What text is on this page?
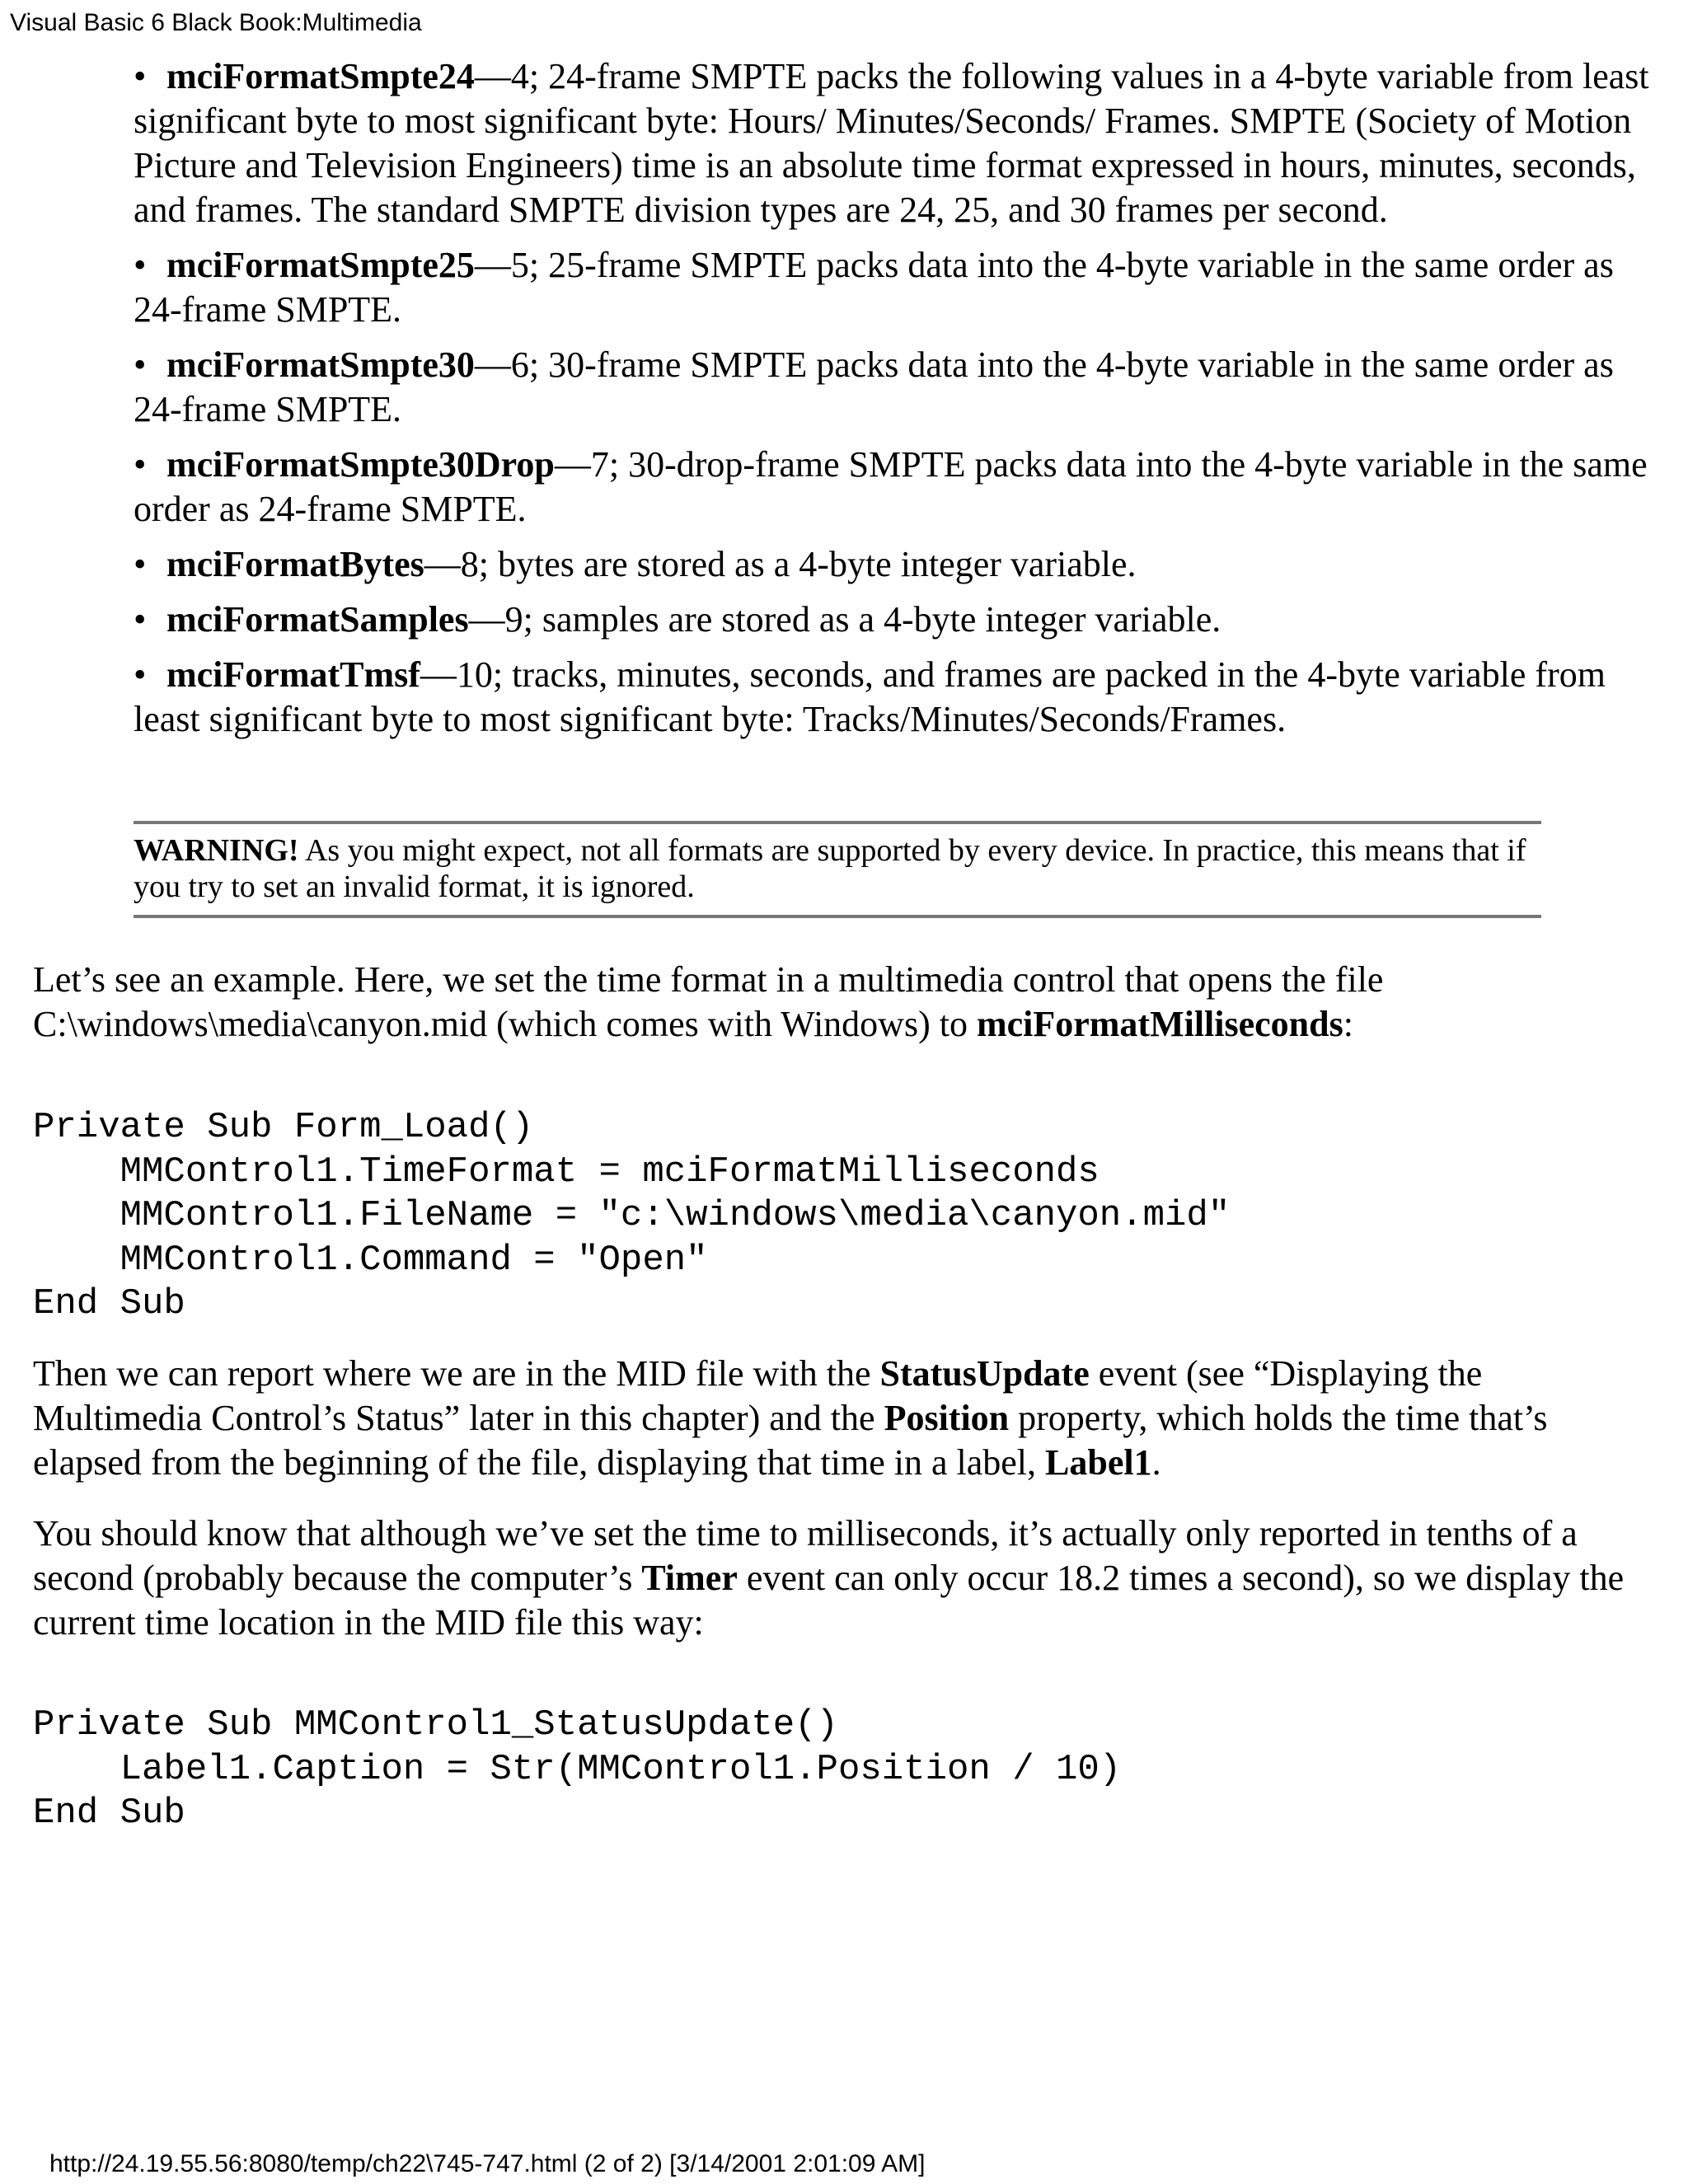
Visual Basic 6 Black Book:Multimedia
• mciFormatSmpte24—4; 24-frame SMPTE packs the following values in a 4-byte variable from least significant byte to most significant byte: Hours/ Minutes/Seconds/ Frames. SMPTE (Society of Motion Picture and Television Engineers) time is an absolute time format expressed in hours, minutes, seconds, and frames. The standard SMPTE division types are 24, 25, and 30 frames per second.
• mciFormatSmpte25—5; 25-frame SMPTE packs data into the 4-byte variable in the same order as 24-frame SMPTE.
• mciFormatSmpte30—6; 30-frame SMPTE packs data into the 4-byte variable in the same order as 24-frame SMPTE.
• mciFormatSmpte30Drop—7; 30-drop-frame SMPTE packs data into the 4-byte variable in the same order as 24-frame SMPTE.
• mciFormatBytes—8; bytes are stored as a 4-byte integer variable.
• mciFormatSamples—9; samples are stored as a 4-byte integer variable.
• mciFormatTmsf—10; tracks, minutes, seconds, and frames are packed in the 4-byte variable from least significant byte to most significant byte: Tracks/Minutes/Seconds/Frames.
WARNING! As you might expect, not all formats are supported by every device. In practice, this means that if you try to set an invalid format, it is ignored.

Let’s see an example. Here, we set the time format in a multimedia control that opens the file C:\windows\media\canyon.mid (which comes with Windows) to mciFormatMilliseconds:

Private Sub Form_Load()
MMControl1.TimeFormat = mciFormatMilliseconds
MMControl1.FileName = "c:\windows\media\canyon.mid"
MMControl1.Command = "Open"
End Sub

Then we can report where we are in the MID file with the StatusUpdate event (see “Displaying the Multimedia Control’s Status” later in this chapter) and the Position property, which holds the time that’s elapsed from the beginning of the file, displaying that time in a label, Label1.

You should know that although we’ve set the time to milliseconds, it’s actually only reported in tenths of a second (probably because the computer’s Timer event can only occur 18.2 times a second), so we display the current time location in the MID file this way:

Private Sub MMControl1_StatusUpdate()
Label1.Caption = Str(MMControl1.Position / 10)
End Sub
http://24.19.55.56:8080/temp/ch22\745-747.html (2 of 2) [3/14/2001 2:01:09 AM]
